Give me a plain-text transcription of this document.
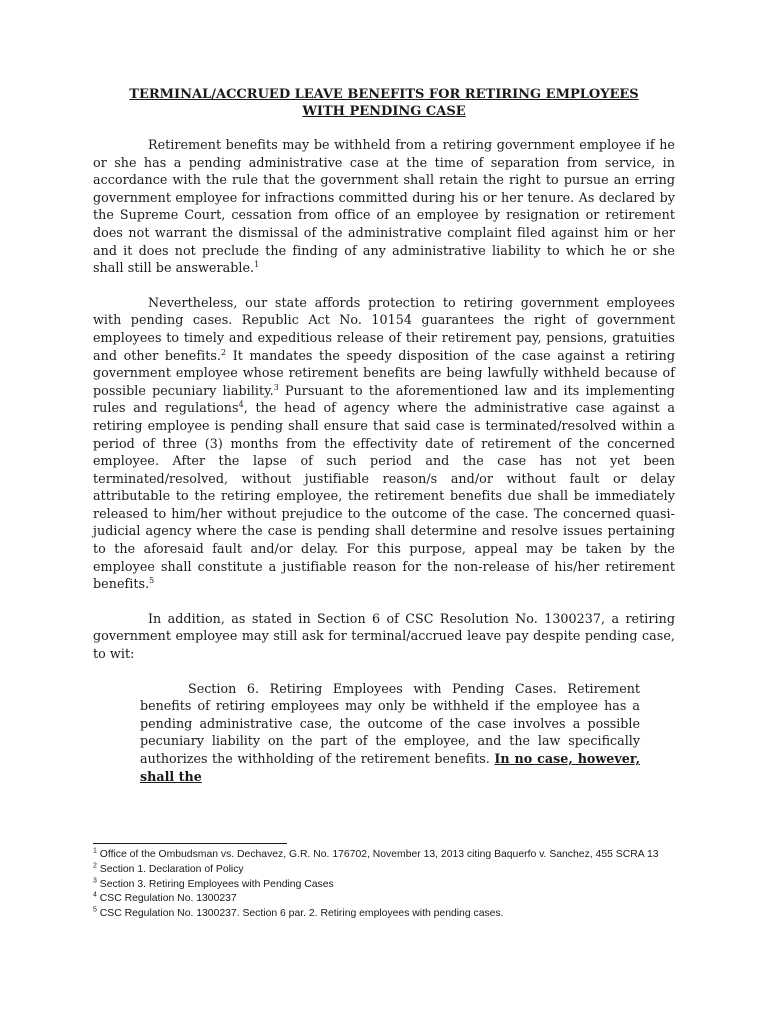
TERMINAL/ACCRUED LEAVE BENEFITS FOR RETIRING EMPLOYEES
WITH PENDING CASE

Retirement benefits may be withheld from a retiring government employee if he or she has a pending administrative case at the time of separation from service, in accordance with the rule that the government shall retain the right to pursue an erring government employee for infractions committed during his or her tenure. As declared by the Supreme Court, cessation from office of an employee by resignation or retirement does not warrant the dismissal of the administrative complaint filed against him or her and it does not preclude the finding of any administrative liability to which he or she shall still be answerable.$^1$

Nevertheless, our state affords protection to retiring government employees with pending cases. Republic Act No. 10154 guarantees the right of government employees to timely and expeditious release of their retirement pay, pensions, gratuities and other benefits.$^2$ It mandates the speedy disposition of the case against a retiring government employee whose retirement benefits are being lawfully withheld because of possible pecuniary liability.$^3$ Pursuant to the aforementioned law and its implementing rules and regulations$^4$, the head of agency where the administrative case against a retiring employee is pending shall ensure that said case is terminated/resolved within a period of three (3) months from the effectivity date of retirement of the concerned employee. After the lapse of such period and the case has not yet been terminated/resolved, without justifiable reason/s and/or without fault or delay attributable to the retiring employee, the retirement benefits due shall be immediately released to him/her without prejudice to the outcome of the case. The concerned quasi-judicial agency where the case is pending shall determine and resolve issues pertaining to the aforesaid fault and/or delay. For this purpose, appeal may be taken by the employee shall constitute a justifiable reason for the non-release of his/her retirement benefits.$^5$

In addition, as stated in Section 6 of CSC Resolution No. 1300237, a retiring government employee may still ask for terminal/accrued leave pay despite pending case, to wit:

Section 6. Retiring Employees with Pending Cases. Retirement benefits of retiring employees may only be withheld if the employee has a pending administrative case, the outcome of the case involves a possible pecuniary liability on the part of the employee, and the law specifically authorizes the withholding of the retirement benefits. In no case, however, shall the

$^1$ Office of the Ombudsman vs. Dechavez, G.R. No. 176702, November 13, 2013 citing Baquerfo v. Sanchez, 455 SCRA 13
$^2$ Section 1. Declaration of Policy
$^3$ Section 3. Retiring Employees with Pending Cases
$^4$ CSC Regulation No. 1300237
$^5$ CSC Regulation No. 1300237. Section 6 par. 2. Retiring employees with pending cases.
